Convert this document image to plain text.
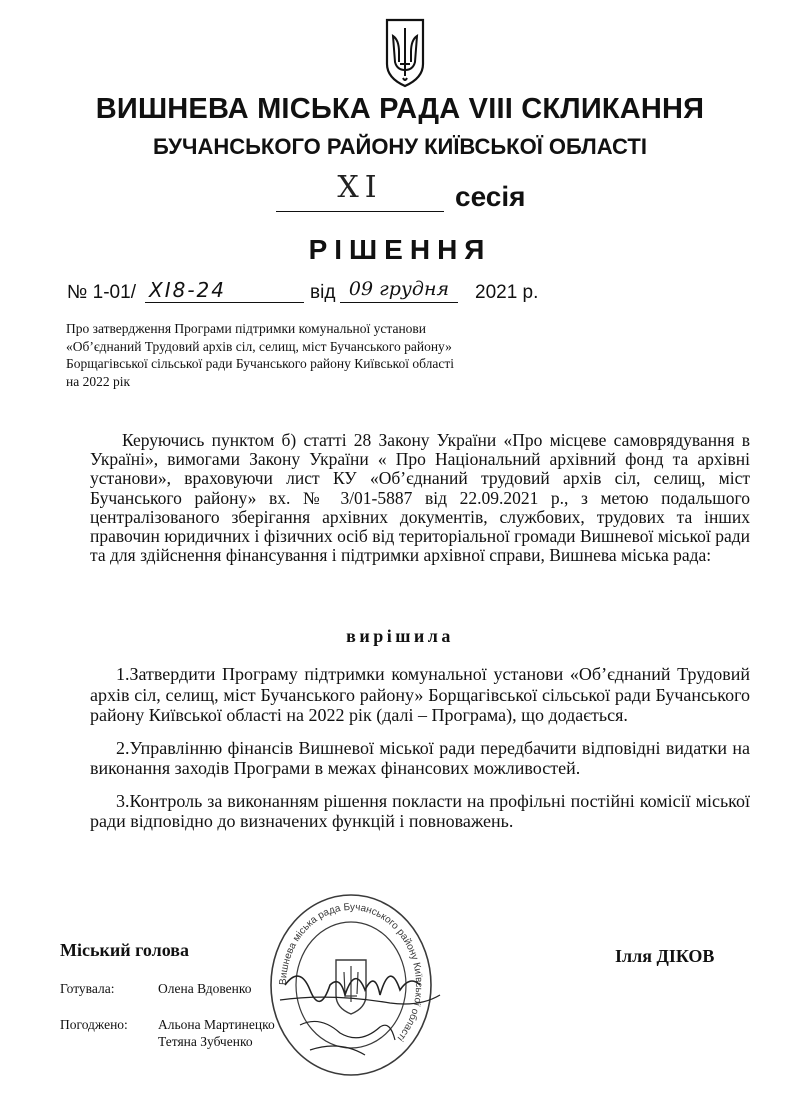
ВИШНЕВА МІСЬКА РАДА VIII СКЛИКАННЯ
БУЧАНСЬКОГО РАЙОНУ КИЇВСЬКОЇ ОБЛАСТІ
XI	сесія
РІШЕННЯ
№ 1-01/ XI8-24	від 09 грудня	2021 р.
Про затвердження Програми підтримки комунальної установи
«Об’єднаний Трудовий архів сіл, селищ, міст Бучанського району»
Борщагівської сільської ради Бучанського району Київської області
на 2022 рік
Керуючись пунктом б) статті 28 Закону України «Про місцеве самоврядування в Україні», вимогами Закону України « Про Національний архівний фонд та архівні установи», враховуючи лист КУ «Об’єднаний трудовий архів сіл, селищ, міст Бучанського району» вх. № 3/01-5887 від 22.09.2021 р., з метою подальшого централізованого зберігання архівних документів, службових, трудових та інших правочин юридичних і фізичних осіб від територіальної громади Вишневої міської ради та для здійснення фінансування і підтримки архівної справи, Вишнева міська рада:
вирішила

1.Затвердити Програму підтримки комунальної установи «Об’єднаний Трудовий архів сіл, селищ, міст Бучанського району» Борщагівської сільської ради Бучанського району Київської області на 2022 рік (далі – Програма), що додається.

2.Управлінню фінансів Вишневої міської ради передбачити відповідні видатки на виконання заходів Програми в межах фінансових можливостей.

3.Контроль за виконанням рішення покласти на профільні постійні комісії міської ради відповідно до визначених функцій і повноважень.

Вишнева міська рада Бучанського району Київської області
Міський голова	Ілля ДІКОВ
Готувала:	Олена Вдовенко
Погоджено: Альона Мартинецко
Тетяна Зубченко
